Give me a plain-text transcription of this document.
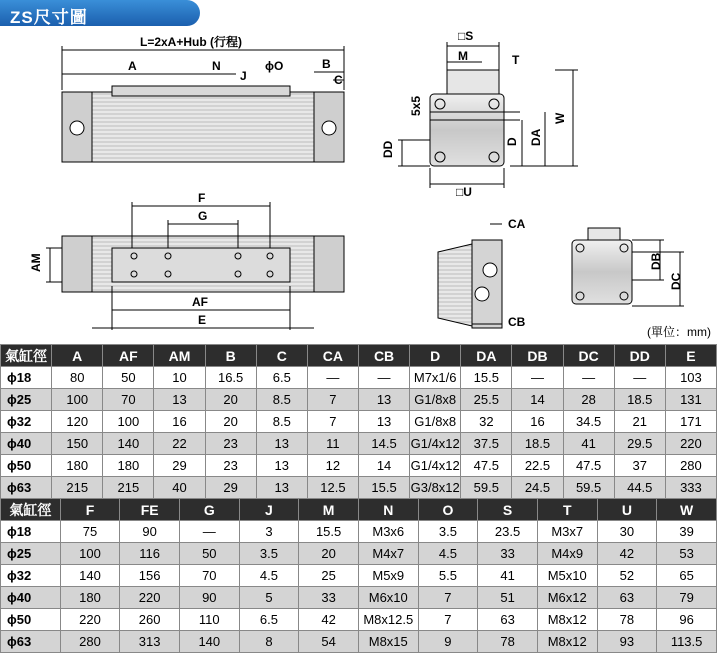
ZS尺寸圖
L=2xA+Hub (行程)
A	N
J
ϕO	B
C
□S
M	T
5x5
DD	D DA
W
□U
F
G
AM
AF
E
CA
CB
DB
DC
(單位：mm)
氣缸徑	A	AF	AM	B	C	CA	CB	D	DA	DB	DC	DD	E
ϕ18	80	50	10	16.5	6.5	—	—	M7x1/6	15.5	—	—	—	103
ϕ25	100	70	13	20	8.5	7	13	G1/8x8	25.5	14	28	18.5	131
ϕ32	120	100	16	20	8.5	7	13	G1/8x8	32	16	34.5	21	171
ϕ40	150	140	22	23	13	11	14.5	G1/4x12	37.5	18.5	41	29.5	220
ϕ50	180	180	29	23	13	12	14	G1/4x12	47.5	22.5	47.5	37	280
ϕ63	215	215	40	29	13	12.5	15.5	G3/8x12	59.5	24.5	59.5	44.5	333
氣缸徑	F	FE	G	J	M	N	O	S	T	U	W
ϕ18	75	90	—	3	15.5	M3x6	3.5	23.5	M3x7	30	39
ϕ25	100	116	50	3.5	20	M4x7	4.5	33	M4x9	42	53
ϕ32	140	156	70	4.5	25	M5x9	5.5	41	M5x10	52	65
ϕ40	180	220	90	5	33	M6x10	7	51	M6x12	63	79
ϕ50	220	260	110	6.5	42	M8x12.5	7	63	M8x12	78	96
ϕ63	280	313	140	8	54	M8x15	9	78	M8x12	93	113.5
